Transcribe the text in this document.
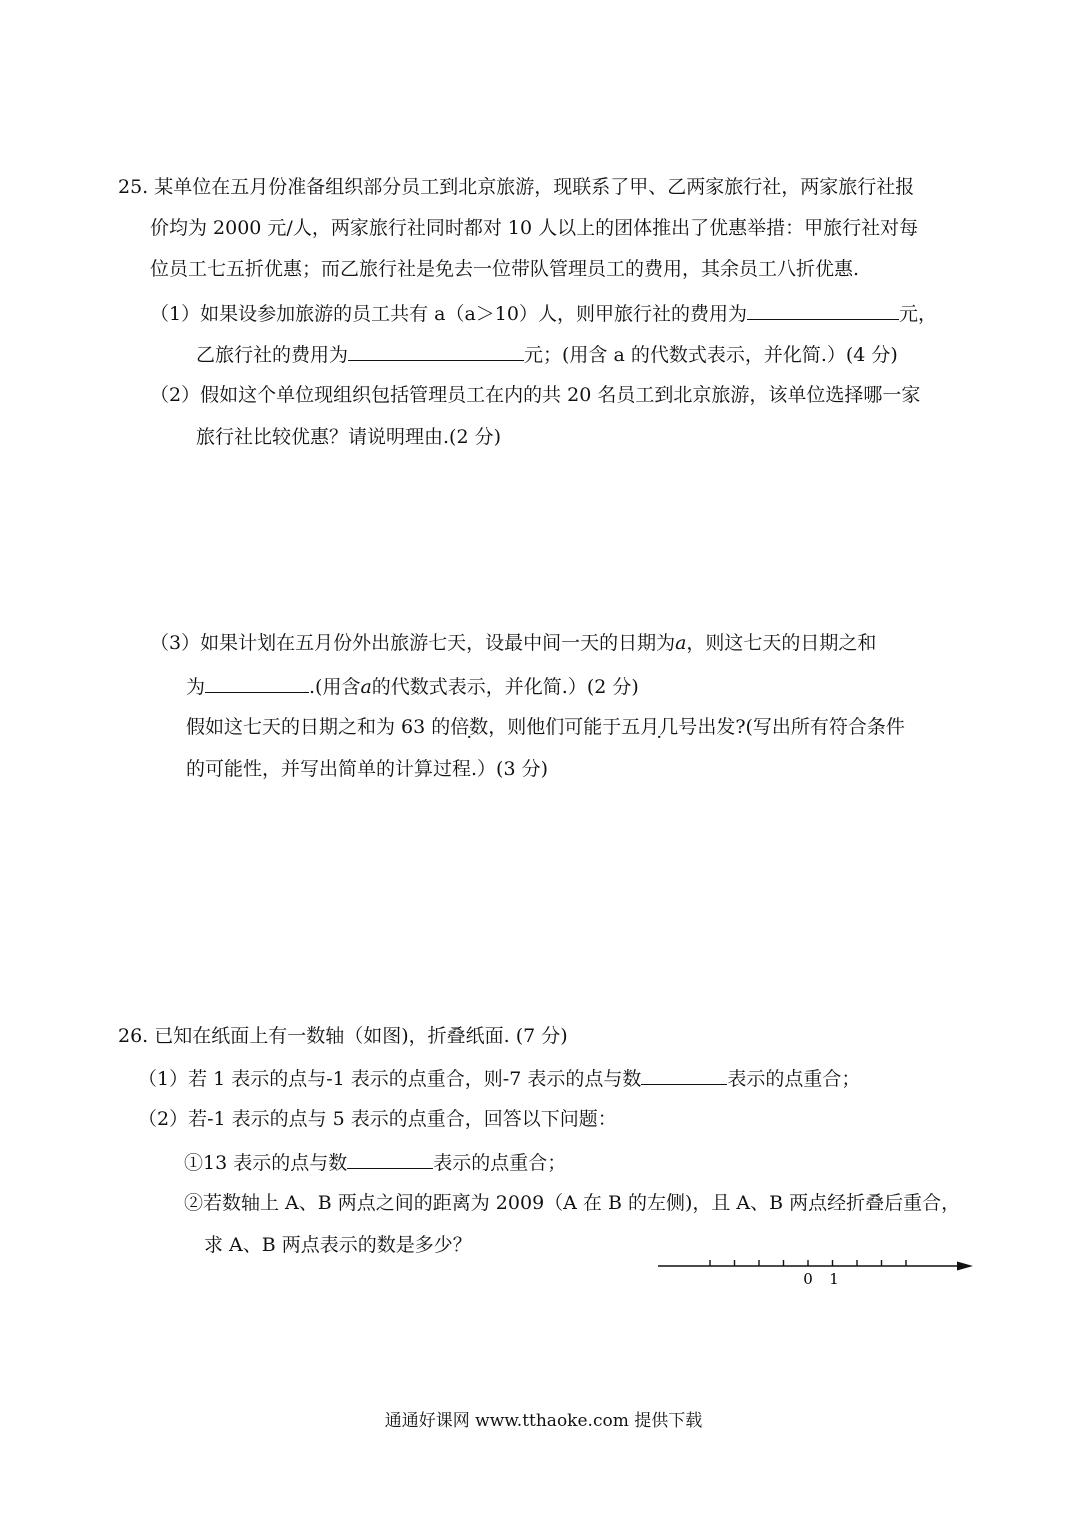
25. 某单位在五月份准备组织部分员工到北京旅游，现联系了甲、乙两家旅行社，两家旅行社报
价均为 2000 元/人，两家旅行社同时都对 10 人以上的团体推出了优惠举措：甲旅行社对每
位员工七五折优惠；而乙旅行社是免去一位带队管理员工的费用，其余员工八折优惠.
（1）如果设参加旅游的员工共有 a（a＞10）人，则甲旅行社的费用为	元，
乙旅行社的费用为	元；(用含 a 的代数式表示，并化简.）(4 分)
（2）假如这个单位现组织包括管理员工在内的共 20 名员工到北京旅游，该单位选择哪一家
旅行社比较优惠？请说明理由.(2 分)
（3）如果计划在五月份外出旅游七天，设最中间一天的日期为a，则这七天的日期之和
为	.(用含a的代数式表示，并化简.）(2 分)
假如这七天的日期之和为 63 的倍数，则他们可能于五月几号出发?(写出所有符合条件
的可能性，并写出简单的计算过程.）(3 分)
26. 已知在纸面上有一数轴（如图)，折叠纸面. (7 分)
（1）若 1 表示的点与-1 表示的点重合，则-7 表示的点与数	表示的点重合；
（2）若-1 表示的点与 5 表示的点重合，回答以下问题：
①13 表示的点与数	表示的点重合；
②若数轴上 A、B 两点之间的距离为 2009（A 在 B 的左侧)，且 A、B 两点经折叠后重合，
求 A、B 两点表示的数是多少？
0 1
通通好课网 www.tthaoke.com 提供下载
